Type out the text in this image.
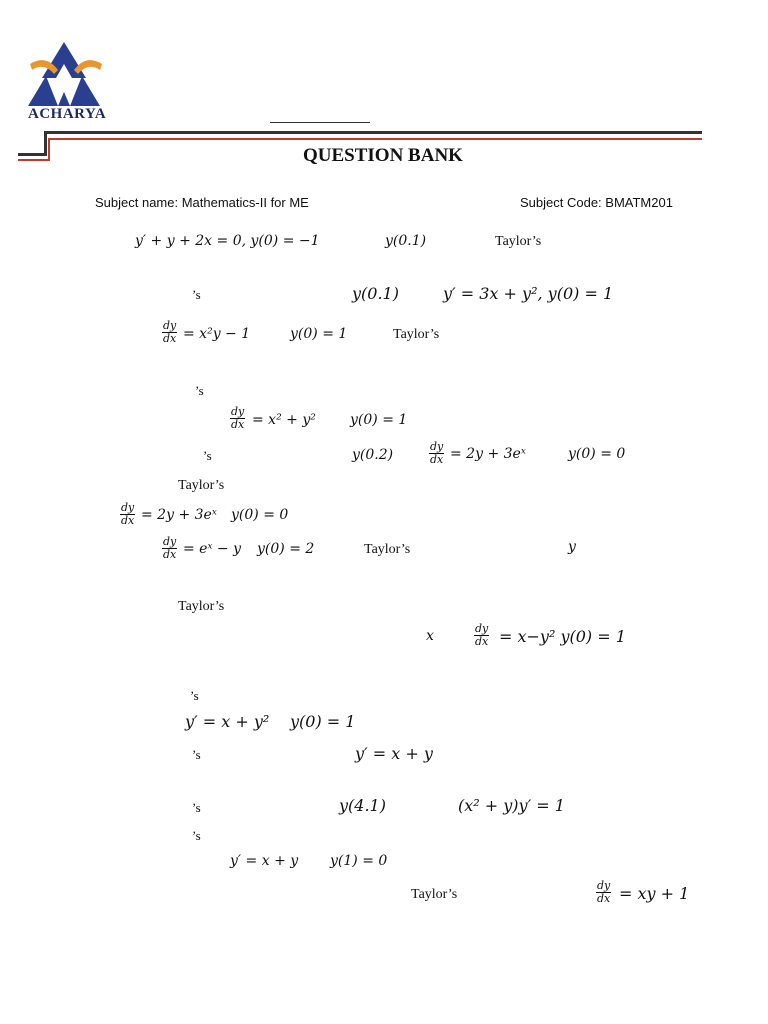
ACHARYA
QUESTION BANK
Subject name: Mathematics-II for ME	Subject Code: BMATM201
y′ + y + 2x = 0, y(0) = −1	y(0.1)	Taylor’s
’s	y(0.1)	y′ = 3x + y², y(0) = 1
$\frac{dy}{dx} = x^2y - 1$	y(0) = 1	Taylor’s
’s
$\frac{dy}{dx} = x^2 + y^2$ y(0) = 1
’s	y(0.2)	$\frac{dy}{dx} = 2y$ + 3eˣ	y(0) = 0
Taylor’s
$\frac{dy}{dx} = 2y$ + 3eˣ y(0) = 0
$\frac{dy}{dx}$ = eˣ − y y(0) = 2	Taylor’s	y
Taylor’s
x	$\frac{dy}{dx} = x-y^2$ y(0) = 1
’s
y′ = x + y² y(0) = 1
’s	y′ = x + y
’s	y(4.1)	(x² + y)y′ = 1
’s
y′ = x + y y(1) = 0
Taylor’s	$\frac{dy}{dx}$ = xy + 1
